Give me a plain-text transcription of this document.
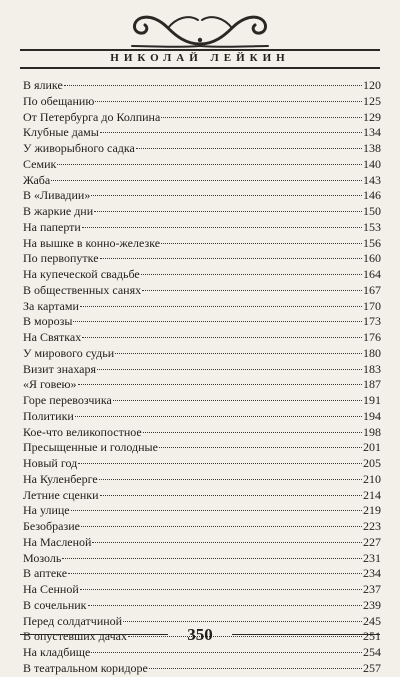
НИКОЛАЙ ЛЕЙКИН
В ялике	120
По обещанию	125
От Петербурга до Колпина	129
Клубные дамы	134
У живорыбного садка	138
Семик	140
Жаба	143
В «Ливадии»	146
В жаркие дни	150
На паперти	153
На вышке в конно-железке	156
По первопутке	160
На купеческой свадьбе	164
В общественных санях	167
За картами	170
В морозы	173
На Святках	176
У мирового судьи	180
Визит знахаря	183
«Я говею»	187
Горе перевозчика	191
Политики	194
Кое-что великопостное	198
Пресыщенные и голодные	201
Новый год	205
На Куленберге	210
Летние сценки	214
На улице	219
Безобразие	223
На Масленой	227
Мозоль	231
В аптеке	234
На Сенной	237
В сочельник	239
Перед солдатчиной	245
В опустевших дачах	251
На кладбище	254
В театральном коридоре	257
350
